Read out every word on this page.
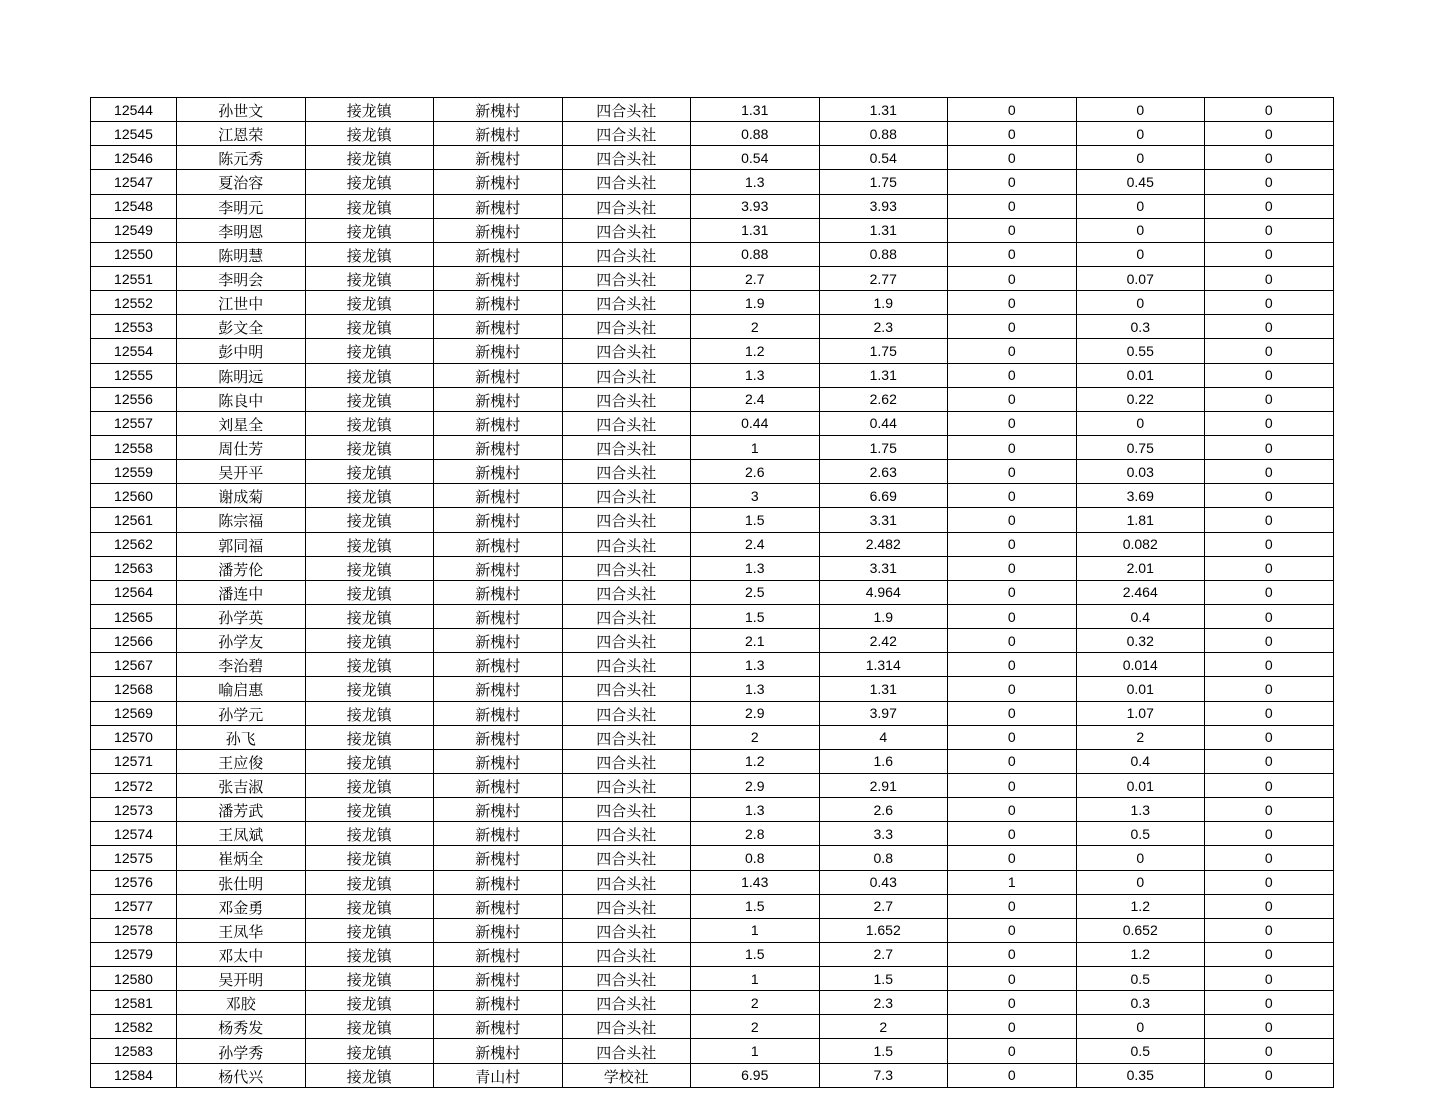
12544	孙世文	接龙镇	新槐村	四合头社	1.31	1.31	0	0	0
12545	江恩荣	接龙镇	新槐村	四合头社	0.88	0.88	0	0	0
12546	陈元秀	接龙镇	新槐村	四合头社	0.54	0.54	0	0	0
12547	夏治容	接龙镇	新槐村	四合头社	1.3	1.75	0	0.45	0
12548	李明元	接龙镇	新槐村	四合头社	3.93	3.93	0	0	0
12549	李明恩	接龙镇	新槐村	四合头社	1.31	1.31	0	0	0
12550	陈明慧	接龙镇	新槐村	四合头社	0.88	0.88	0	0	0
12551	李明会	接龙镇	新槐村	四合头社	2.7	2.77	0	0.07	0
12552	江世中	接龙镇	新槐村	四合头社	1.9	1.9	0	0	0
12553	彭文全	接龙镇	新槐村	四合头社	2	2.3	0	0.3	0
12554	彭中明	接龙镇	新槐村	四合头社	1.2	1.75	0	0.55	0
12555	陈明远	接龙镇	新槐村	四合头社	1.3	1.31	0	0.01	0
12556	陈良中	接龙镇	新槐村	四合头社	2.4	2.62	0	0.22	0
12557	刘星全	接龙镇	新槐村	四合头社	0.44	0.44	0	0	0
12558	周仕芳	接龙镇	新槐村	四合头社	1	1.75	0	0.75	0
12559	吴开平	接龙镇	新槐村	四合头社	2.6	2.63	0	0.03	0
12560	谢成菊	接龙镇	新槐村	四合头社	3	6.69	0	3.69	0
12561	陈宗福	接龙镇	新槐村	四合头社	1.5	3.31	0	1.81	0
12562	郭同福	接龙镇	新槐村	四合头社	2.4	2.482	0	0.082	0
12563	潘芳伦	接龙镇	新槐村	四合头社	1.3	3.31	0	2.01	0
12564	潘连中	接龙镇	新槐村	四合头社	2.5	4.964	0	2.464	0
12565	孙学英	接龙镇	新槐村	四合头社	1.5	1.9	0	0.4	0
12566	孙学友	接龙镇	新槐村	四合头社	2.1	2.42	0	0.32	0
12567	李治碧	接龙镇	新槐村	四合头社	1.3	1.314	0	0.014	0
12568	喻启惠	接龙镇	新槐村	四合头社	1.3	1.31	0	0.01	0
12569	孙学元	接龙镇	新槐村	四合头社	2.9	3.97	0	1.07	0
12570	孙飞	接龙镇	新槐村	四合头社	2	4	0	2	0
12571	王应俊	接龙镇	新槐村	四合头社	1.2	1.6	0	0.4	0
12572	张吉淑	接龙镇	新槐村	四合头社	2.9	2.91	0	0.01	0
12573	潘芳武	接龙镇	新槐村	四合头社	1.3	2.6	0	1.3	0
12574	王凤斌	接龙镇	新槐村	四合头社	2.8	3.3	0	0.5	0
12575	崔炳全	接龙镇	新槐村	四合头社	0.8	0.8	0	0	0
12576	张仕明	接龙镇	新槐村	四合头社	1.43	0.43	1	0	0
12577	邓金勇	接龙镇	新槐村	四合头社	1.5	2.7	0	1.2	0
12578	王凤华	接龙镇	新槐村	四合头社	1	1.652	0	0.652	0
12579	邓太中	接龙镇	新槐村	四合头社	1.5	2.7	0	1.2	0
12580	吴开明	接龙镇	新槐村	四合头社	1	1.5	0	0.5	0
12581	邓胶	接龙镇	新槐村	四合头社	2	2.3	0	0.3	0
12582	杨秀发	接龙镇	新槐村	四合头社	2	2	0	0	0
12583	孙学秀	接龙镇	新槐村	四合头社	1	1.5	0	0.5	0
12584	杨代兴	接龙镇	青山村	学校社	6.95	7.3	0	0.35	0
